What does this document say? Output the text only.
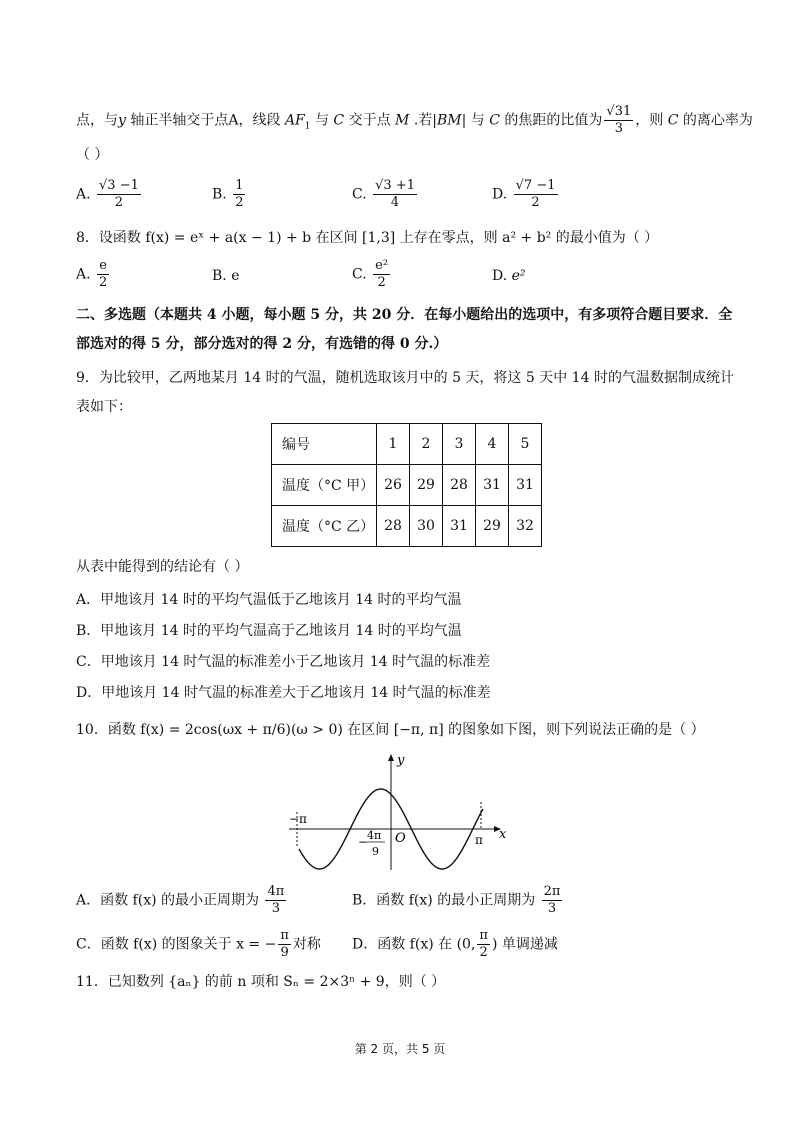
点，与y 轴正半轴交于点A，线段 $AF_1$ 与 C 交于点 M .若|BM| 与 C 的焦距的比值为 $\frac{√31}{3}$ ，则 C 的离心率为
（ ）
A. $\frac{√3 -1}{2}$	B. $\frac{1}{2}$	C. $\frac{√3 +1}{4}$	D. $\frac{√7 -1}{2}$
8．设函数 f(x) = eˣ + a(x − 1) + b 在区间 [1,3] 上存在零点，则 a² + b² 的最小值为（ ）
A. $\frac{e}{2}$	B. e	C. $\frac{\text{e²}}{2}$	D. e²
二、多选题（本题共 4 小题，每小题 5 分，共 20 分．在每小题给出的选项中，有多项符合题目要求．全
部选对的得 5 分，部分选对的得 2 分，有选错的得 0 分.）
9．为比较甲，乙两地某月 14 时的气温，随机选取该月中的 5 天，将这 5 天中 14 时的气温数据制成统计
表如下：
编号	1	2	3	4	5
温度（°C 甲）	26	29	28	31	31
温度（°C 乙）	28	30	31	29	32
从表中能得到的结论有（ ）
A．甲地该月 14 时的平均气温低于乙地该月 14 时的平均气温
B．甲地该月 14 时的平均气温高于乙地该月 14 时的平均气温
C．甲地该月 14 时气温的标准差小于乙地该月 14 时气温的标准差
D．甲地该月 14 时气温的标准差大于乙地该月 14 时气温的标准差
10．函数 f(x) = 2cos(ωx + π/6)(ω > 0) 在区间 [−π, π] 的图象如下图，则下列说法正确的是（ ）
y
x
O
−π
π
−
4π
9
A．函数 f(x) 的最小正周期为 $\frac{4\pi}{3}$	B．函数 f(x) 的最小正周期为 $\frac{2\pi}{3}$
C．函数 f(x) 的图象关于 x = − $\frac{\pi}{9}$ 对称 D．函数 f(x) 在 (0, $\frac{\pi}{2}$ ) 单调递减
11．已知数列 {aₙ} 的前 n 项和 Sₙ = 2×3ⁿ + 9，则（ ）
第 2 页，共 5 页
